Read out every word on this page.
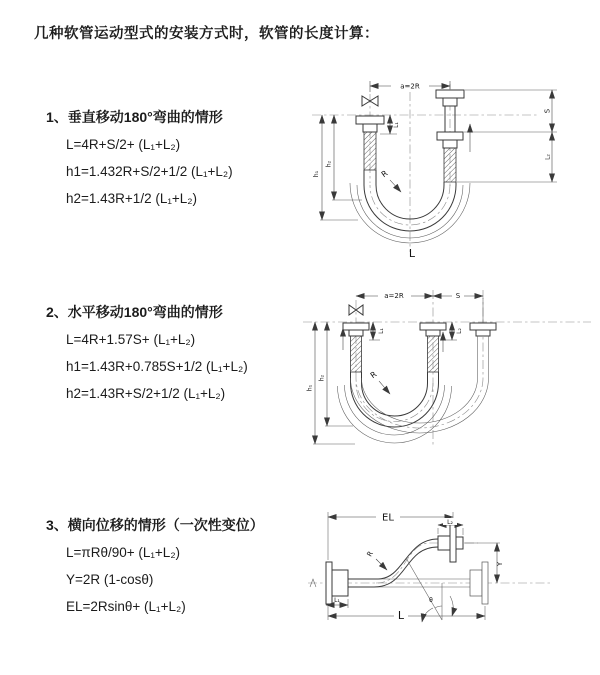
几种软管运动型式的安装方式时，软管的长度计算：
1、垂直移动180°弯曲的情形
L=4R+S/2+ (L₁+L₂)
h1=1.432R+S/2+1/2 (L₁+L₂)
h2=1.43R+1/2 (L₁+L₂)
2、水平移动180°弯曲的情形
L=4R+1.57S+ (L₁+L₂)
h1=1.43R+0.785S+1/2 (L₁+L₂)
h2=1.43R+S/2+1/2 (L₁+L₂)
3、横向位移的情形（一次性变位）
L=πRθ/90+ (L₁+L₂)
Y=2R (1-cosθ)
EL=2Rsinθ+ (L₁+L₂)
a=2R
h₁
h₂
L₁
S
L₂
R
L
a=2R	S
h₁
h₂
L₁	L₂
R
EL	L₂
Y
L
L₁
R
θ
